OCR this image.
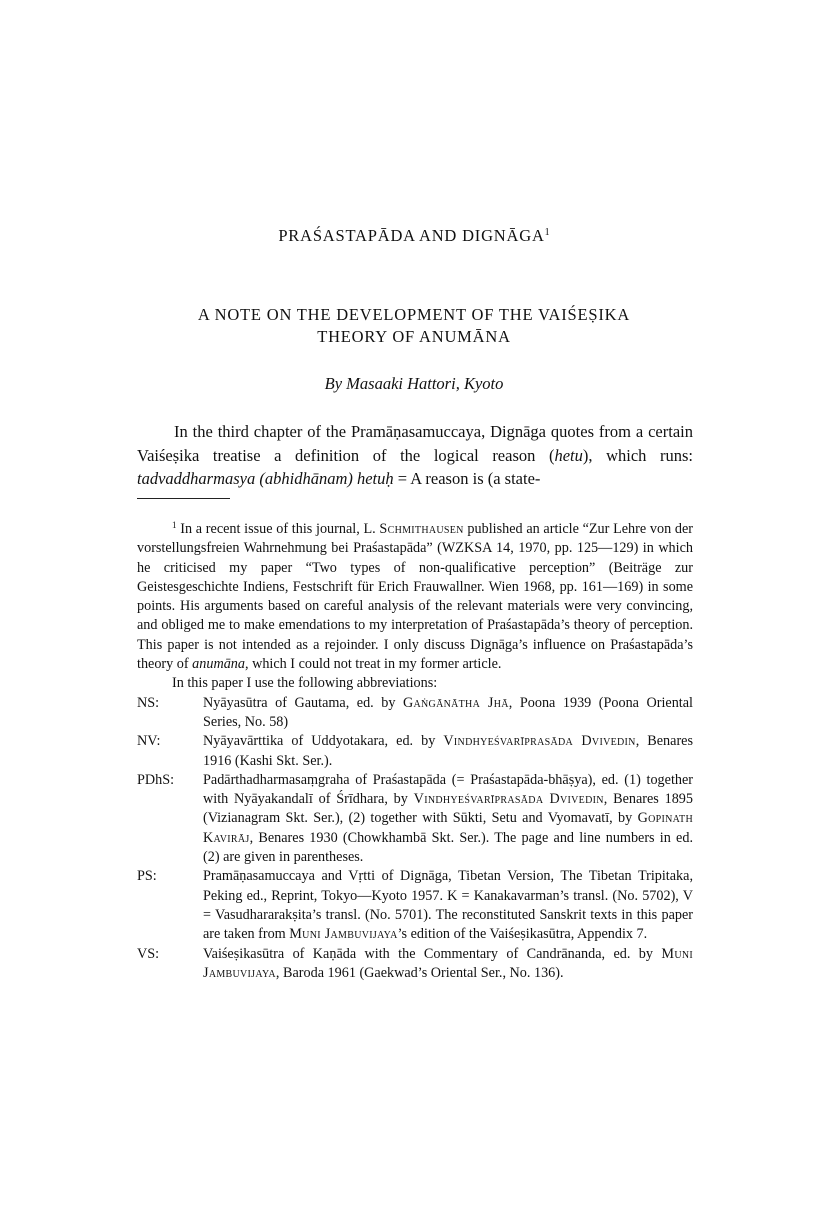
PRAŚASTAPĀDA AND DIGNĀGA$^1$
A NOTE ON THE DEVELOPMENT OF THE VAIŚEṢIKA
THEORY OF ANUMĀNA
By Masaaki Hattori, Kyoto

In the third chapter of the Pramāṇasamuccaya, Dignāga quotes from a certain Vaiśeṣika treatise a definition of the logical reason (hetu), which runs: tadvaddharmasya (abhidhānam) hetuḥ = A reason is (a state-

$^1$ In a recent issue of this journal, L. Schmithausen published an article “Zur Lehre von der vorstellungsfreien Wahrnehmung bei Praśastapāda” (WZKSA 14, 1970, pp. 125—129) in which he criticised my paper “Two types of non-qualificative perception” (Beiträge zur Geistesgeschichte Indiens, Festschrift für Erich Frauwallner. Wien 1968, pp. 161—169) in some points. His arguments based on careful analysis of the relevant materials were very convincing, and obliged me to make emendations to my interpretation of Praśastapāda’s theory of perception. This paper is not intended as a rejoinder. I only discuss Dignāga’s influence on Praśastapāda’s theory of anumāna, which I could not treat in my former article.

In this paper I use the following abbreviations:

NS:	Nyāyasūtra of Gautama, ed. by Gaṅgānātha Jhā, Poona 1939 (Poona Oriental Series, No. 58)
NV:	Nyāyavārttika of Uddyotakara, ed. by Vindhyeśvarīprasāda Dvivedin, Benares 1916 (Kashi Skt. Ser.).
PDhS:	Padārthadharmasaṃgraha of Praśastapāda (= Praśastapāda-bhāṣya), ed. (1) together with Nyāyakandalī of Śrīdhara, by Vindhyeśvarīprasāda Dvivedin, Benares 1895 (Vizianagram Skt. Ser.), (2) together with Sūkti, Setu and Vyomavatī, by Gopinath Kavirāj, Benares 1930 (Chowkhambā Skt. Ser.). The page and line numbers in ed. (2) are given in parentheses.
PS:	Pramāṇasamuccaya and Vṛtti of Dignāga, Tibetan Version, The Tibetan Tripitaka, Peking ed., Reprint, Tokyo—Kyoto 1957. K = Kanakavarman’s transl. (No. 5702), V = Vasudhararakṣita’s transl. (No. 5701). The reconstituted Sanskrit texts in this paper are taken from Muni Jambuvijaya’s edition of the Vaiśeṣikasūtra, Appendix 7.
VS:	Vaiśeṣikasūtra of Kaṇāda with the Commentary of Candrānanda, ed. by Muni Jambuvijaya, Baroda 1961 (Gaekwad’s Oriental Ser., No. 136).
